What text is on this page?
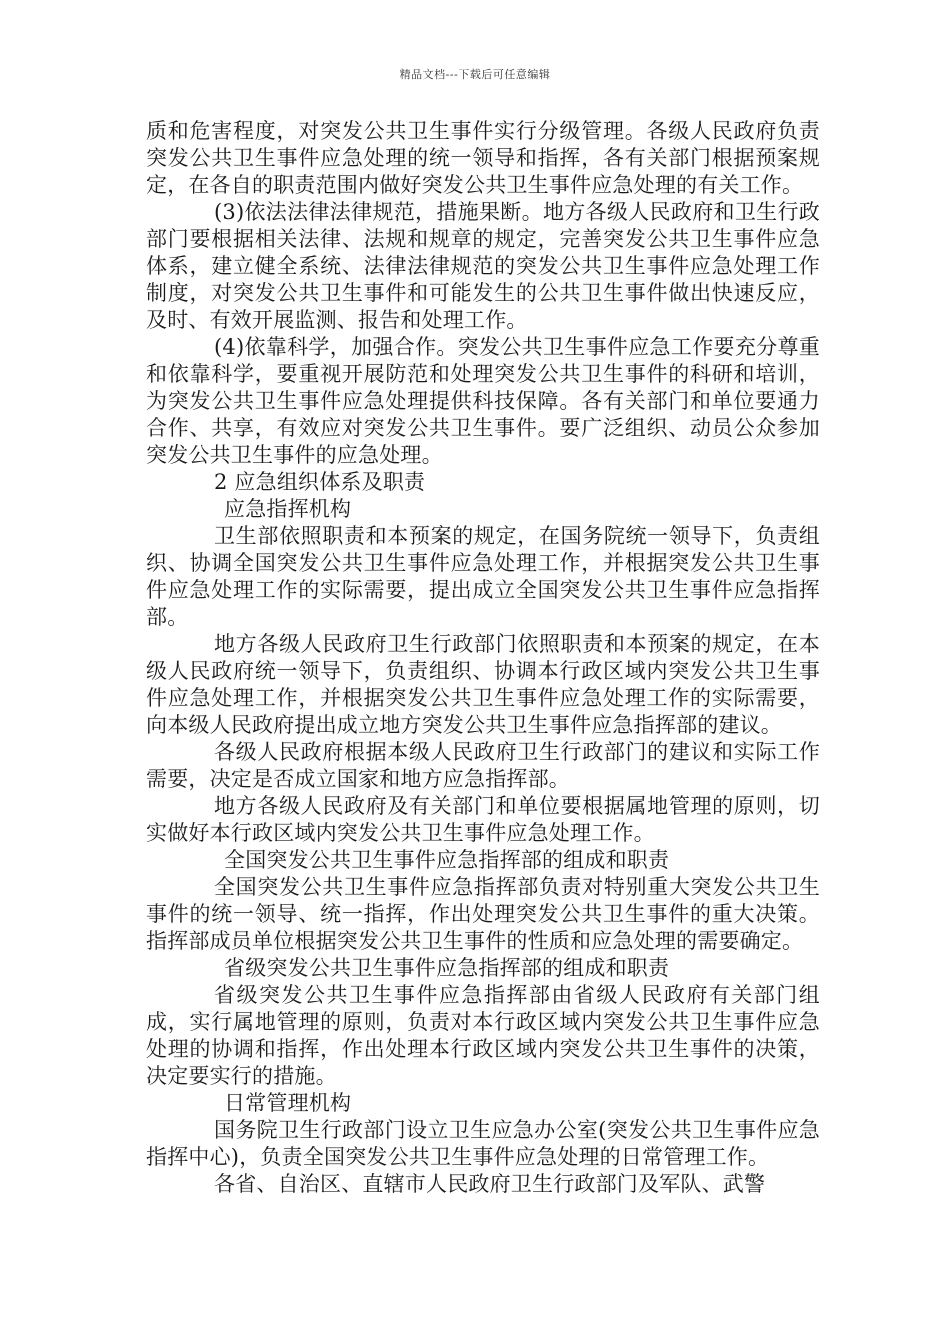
精品文档---下载后可任意编辑

质和危害程度，对突发公共卫生事件实行分级管理。各级人民政府负责突发公共卫生事件应急处理的统一领导和指挥，各有关部门根据预案规定，在各自的职责范围内做好突发公共卫生事件应急处理的有关工作。

(3)依法法律法律规范，措施果断。地方各级人民政府和卫生行政部门要根据相关法律、法规和规章的规定，完善突发公共卫生事件应急体系，建立健全系统、法律法律规范的突发公共卫生事件应急处理工作制度，对突发公共卫生事件和可能发生的公共卫生事件做出快速反应，及时、有效开展监测、报告和处理工作。

(4)依靠科学，加强合作。突发公共卫生事件应急工作要充分尊重和依靠科学，要重视开展防范和处理突发公共卫生事件的科研和培训，为突发公共卫生事件应急处理提供科技保障。各有关部门和单位要通力合作、共享，有效应对突发公共卫生事件。要广泛组织、动员公众参加突发公共卫生事件的应急处理。

2 应急组织体系及职责

应急指挥机构

卫生部依照职责和本预案的规定，在国务院统一领导下，负责组织、协调全国突发公共卫生事件应急处理工作，并根据突发公共卫生事件应急处理工作的实际需要，提出成立全国突发公共卫生事件应急指挥部。

地方各级人民政府卫生行政部门依照职责和本预案的规定，在本级人民政府统一领导下，负责组织、协调本行政区域内突发公共卫生事件应急处理工作，并根据突发公共卫生事件应急处理工作的实际需要，向本级人民政府提出成立地方突发公共卫生事件应急指挥部的建议。

各级人民政府根据本级人民政府卫生行政部门的建议和实际工作需要，决定是否成立国家和地方应急指挥部。

地方各级人民政府及有关部门和单位要根据属地管理的原则，切实做好本行政区域内突发公共卫生事件应急处理工作。

全国突发公共卫生事件应急指挥部的组成和职责

全国突发公共卫生事件应急指挥部负责对特别重大突发公共卫生事件的统一领导、统一指挥，作出处理突发公共卫生事件的重大决策。指挥部成员单位根据突发公共卫生事件的性质和应急处理的需要确定。

省级突发公共卫生事件应急指挥部的组成和职责

省级突发公共卫生事件应急指挥部由省级人民政府有关部门组成，实行属地管理的原则，负责对本行政区域内突发公共卫生事件应急处理的协调和指挥，作出处理本行政区域内突发公共卫生事件的决策，决定要实行的措施。

日常管理机构

国务院卫生行政部门设立卫生应急办公室(突发公共卫生事件应急指挥中心)，负责全国突发公共卫生事件应急处理的日常管理工作。

各省、自治区、直辖市人民政府卫生行政部门及军队、武警
